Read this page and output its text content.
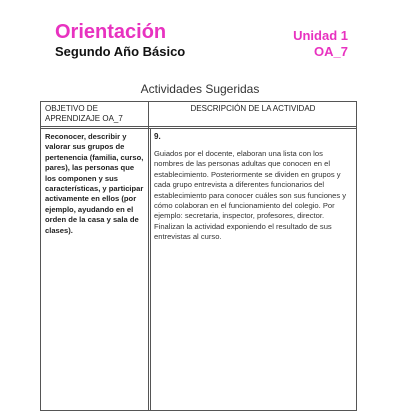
Orientación
Segundo Año Básico
Unidad 1
OA_7
Actividades Sugeridas
OBJETIVO DE APRENDIZAJE OA_7
DESCRIPCIÓN DE LA ACTIVIDAD
Reconocer, describir y valorar sus grupos de pertenencia (familia, curso, pares), las personas que los componen y sus características, y participar activamente en ellos (por ejemplo, ayudando en el orden de la casa y sala de clases).
9.
Guiados por el docente, elaboran una lista con los nombres de las personas adultas que conocen en el establecimiento. Posteriormente se dividen en grupos y cada grupo entrevista a diferentes funcionarios del establecimiento para conocer cuáles son sus funciones y cómo colaboran en el funcionamiento del colegio. Por ejemplo: secretaria, inspector, profesores, director. Finalizan la actividad exponiendo el resultado de sus entrevistas al curso.
